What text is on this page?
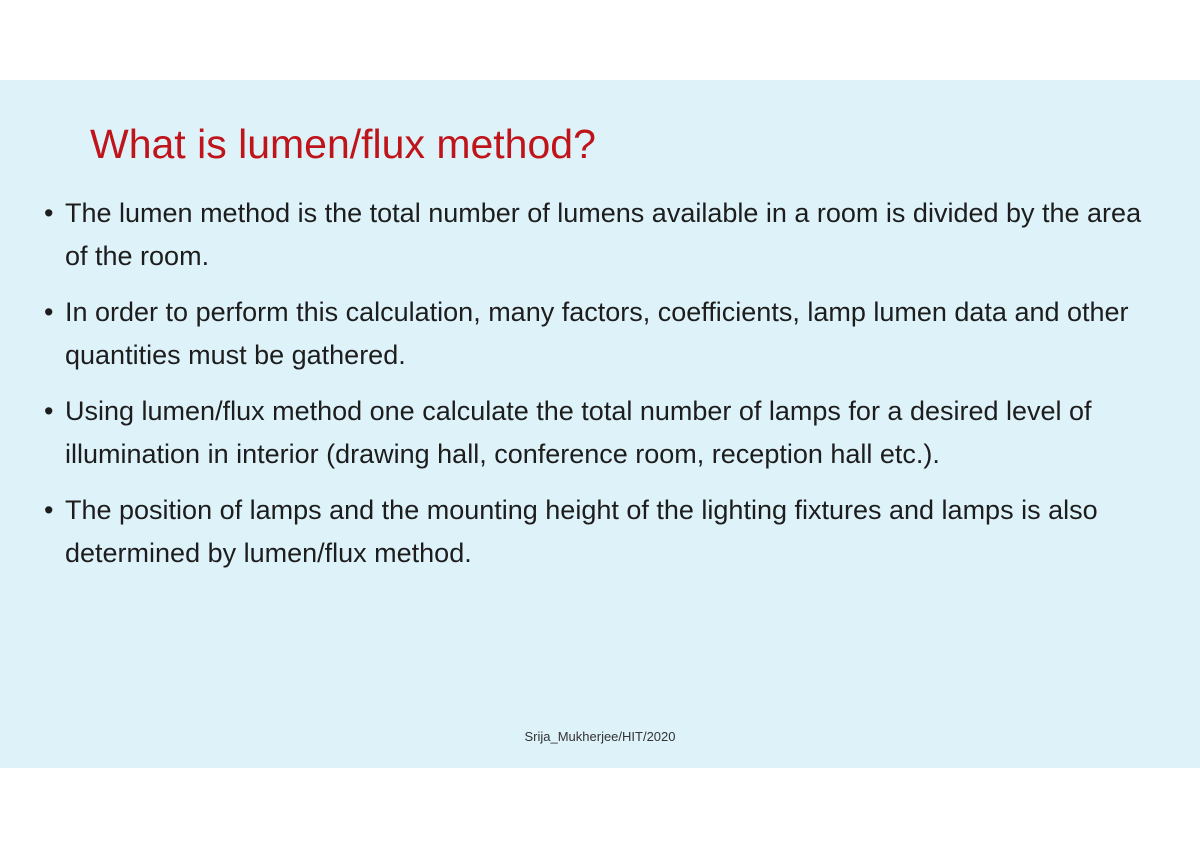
What is lumen/flux method?
• The lumen method is the total number of lumens available in a room is divided by the area of the room.
• In order to perform this calculation, many factors, coefficients, lamp lumen data and other quantities must be gathered.
• Using lumen/flux method one calculate the total number of lamps for a desired level of illumination in interior (drawing hall, conference room, reception hall etc.).
• The position of lamps and the mounting height of the lighting fixtures and lamps is also determined by lumen/flux method.
Srija_Mukherjee/HIT/2020
